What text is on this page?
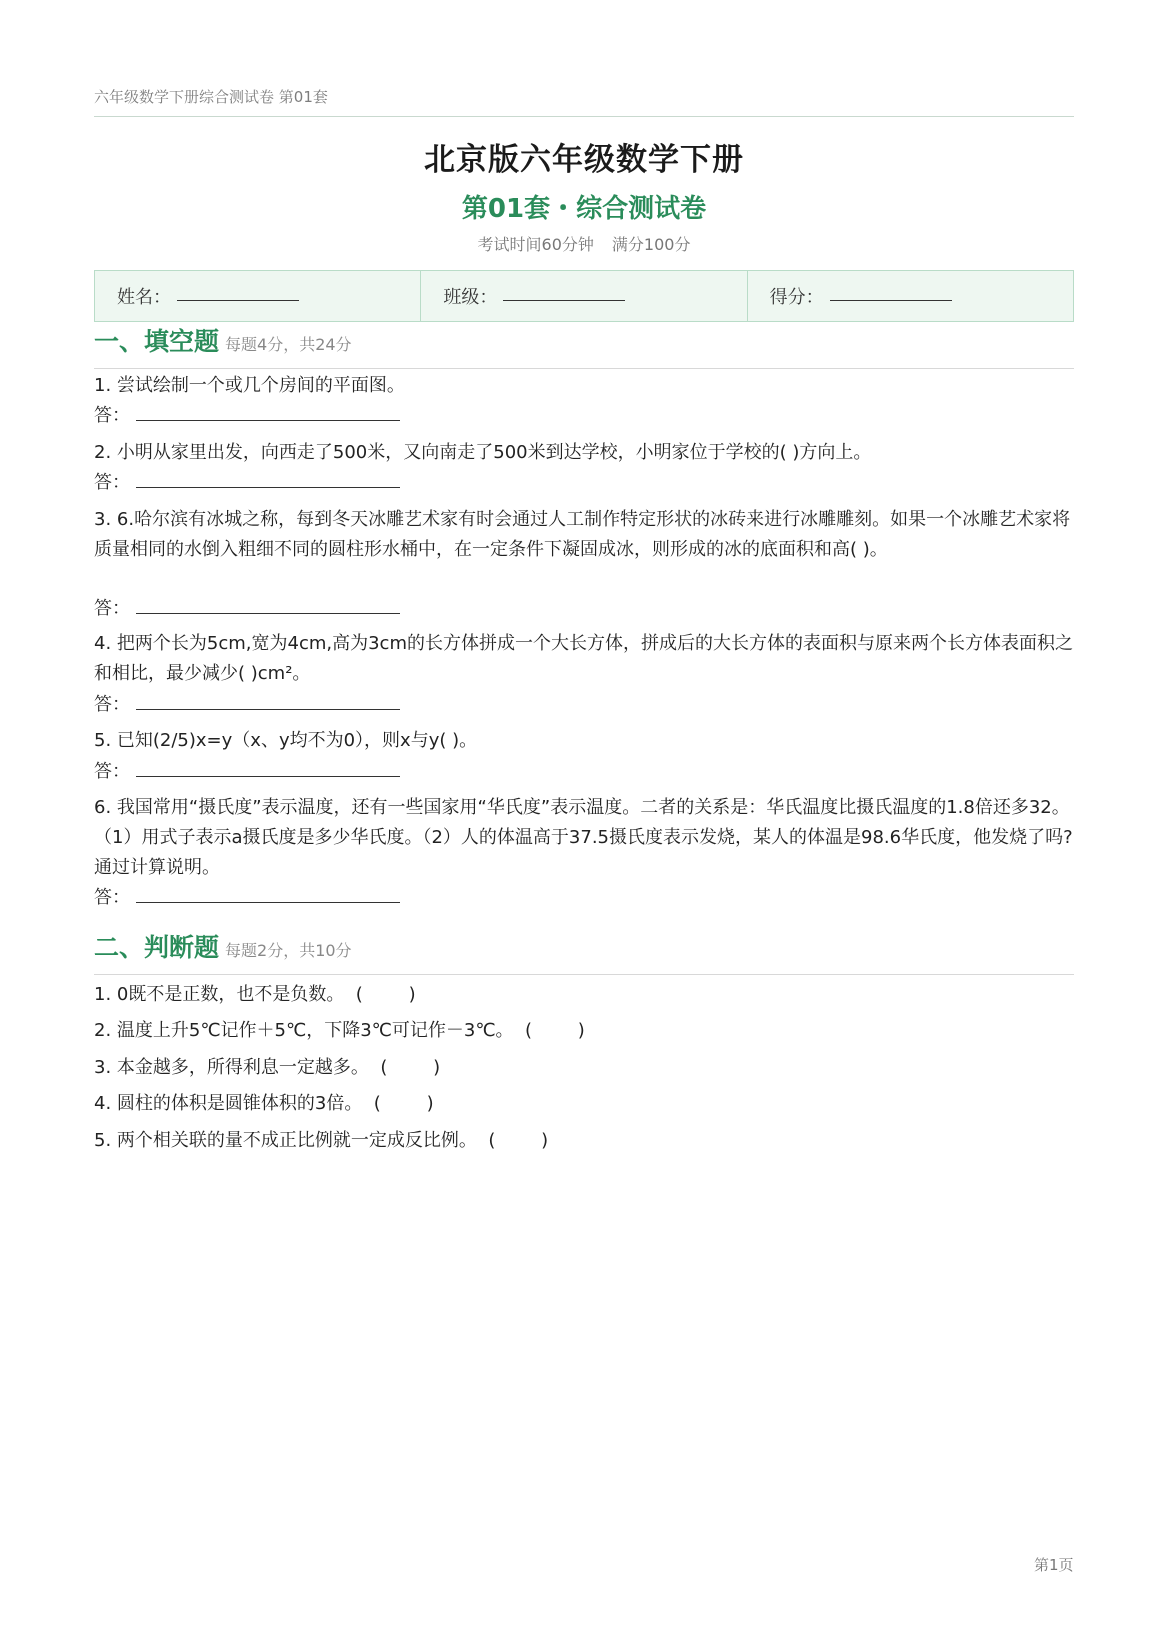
六年级数学下册综合测试卷 第01套
北京版六年级数学下册
第01套・综合测试卷
考试时间60分钟 满分100分
姓名：	班级：	得分：
一、填空题 每题4分，共24分
1. 尝试绘制一个或几个房间的平面图。
答：
2. 小明从家里出发，向西走了500米，又向南走了500米到达学校，小明家位于学校的( )方向上。
答：
3. 6.哈尔滨有冰城之称，每到冬天冰雕艺术家有时会通过人工制作特定形状的冰砖来进行冰雕雕刻。如果一个冰雕艺术家将质量相同的水倒入粗细不同的圆柱形水桶中，在一定条件下凝固成冰，则形成的冰的底面积和高( )。
答：
4. 把两个长为5cm,宽为4cm,高为3cm的长方体拼成一个大长方体，拼成后的大长方体的表面积与原来两个长方体表面积之和相比，最少减少( )cm²。
答：
5. 已知(2/5)x=y（x、y均不为0），则x与y( )。
答：
6. 我国常用“摄氏度”表示温度，还有一些国家用“华氏度”表示温度。二者的关系是：华氏温度比摄氏温度的1.8倍还多32。（1）用式子表示a摄氏度是多少华氏度。（2）人的体温高于37.5摄氏度表示发烧，某人的体温是98.6华氏度，他发烧了吗?通过计算说明。
答：
二、判断题 每题2分，共10分
1. 0既不是正数，也不是负数。  (        )
2. 温度上升5℃记作＋5℃，下降3℃可记作－3℃。  (        )
3. 本金越多，所得利息一定越多。  (        )
4. 圆柱的体积是圆锥体积的3倍。  (        )
5. 两个相关联的量不成正比例就一定成反比例。  (        )
第1页
